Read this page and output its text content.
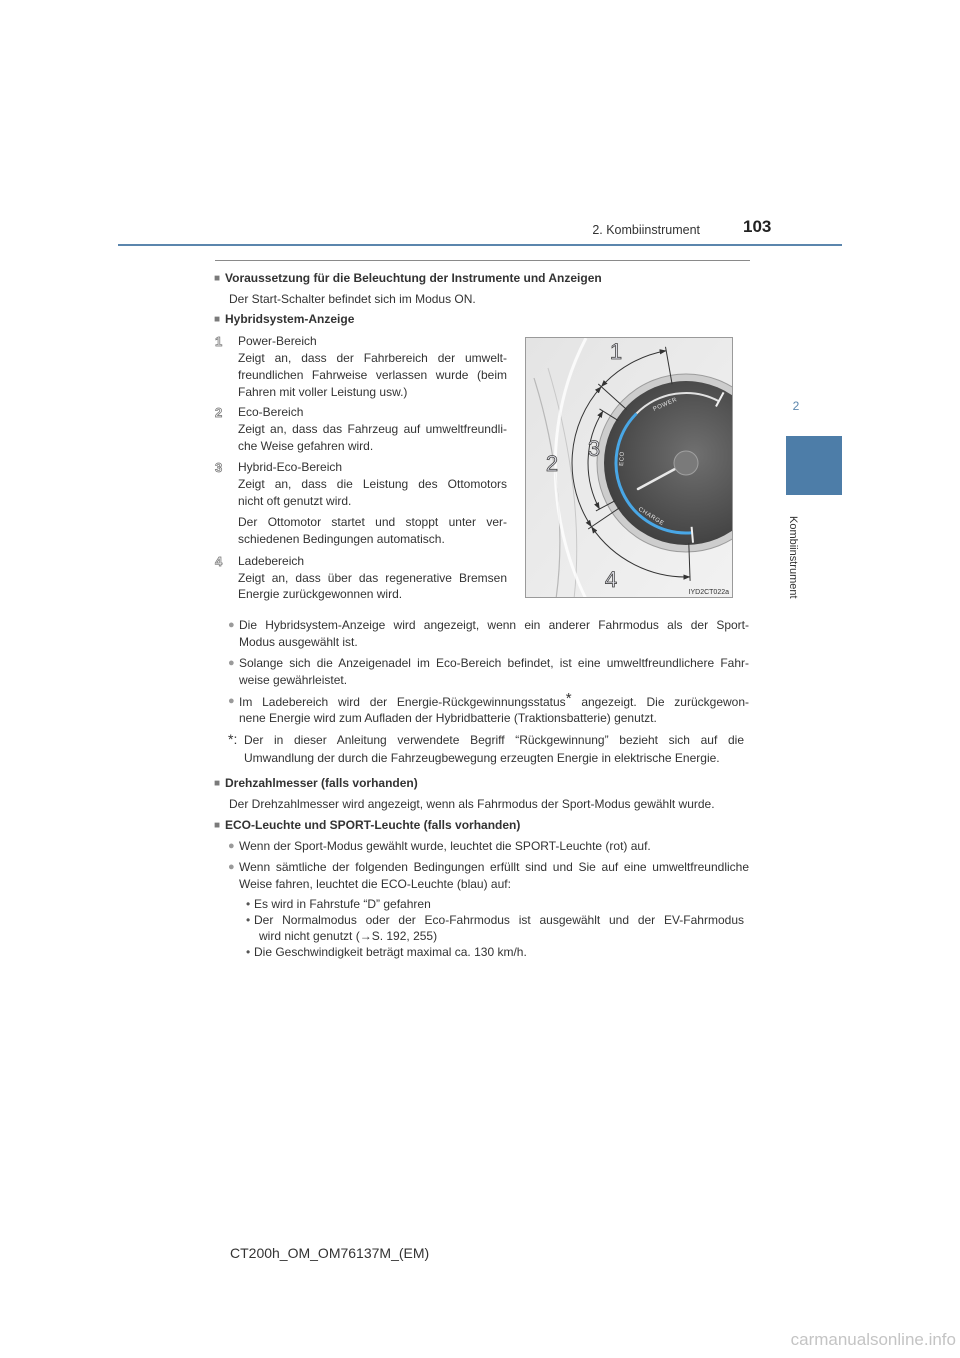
2. Kombiinstrument	103
2
Kombiinstrument
■ Voraussetzung für die Beleuchtung der Instrumente und Anzeigen
Der Start-Schalter befindet sich im Modus ON.
■ Hybridsystem-Anzeige
1 Power-Bereich
Zeigt an, dass der Fahrbereich der umwelt-
freundlichen Fahrweise verlassen wurde (beim
Fahren mit voller Leistung usw.)
2 Eco-Bereich
Zeigt an, dass das Fahrzeug auf umweltfreundli-
che Weise gefahren wird.
3 Hybrid-Eco-Bereich
Zeigt an, dass die Leistung des Ottomotors
nicht oft genutzt wird.
Der Ottomotor startet und stoppt unter ver-
schiedenen Bedingungen automatisch.
4 Ladebereich
Zeigt an, dass über das regenerative Bremsen
Energie zurückgewonnen wird.
POWER
ECO
CHARGE
1
2
3
4
IYD2CT022a
● Die Hybridsystem-Anzeige wird angezeigt, wenn ein anderer Fahrmodus als der Sport-
Modus ausgewählt ist.
● Solange sich die Anzeigenadel im Eco-Bereich befindet, ist eine umweltfreundlichere Fahr-
weise gewährleistet.
● Im Ladebereich wird der Energie-Rückgewinnungsstatus* angezeigt. Die zurückgewon-
nene Energie wird zum Aufladen der Hybridbatterie (Traktionsbatterie) genutzt.
*: Der in dieser Anleitung verwendete Begriff “Rückgewinnung” bezieht sich auf die
Umwandlung der durch die Fahrzeugbewegung erzeugten Energie in elektrische Energie.
■ Drehzahlmesser (falls vorhanden)
Der Drehzahlmesser wird angezeigt, wenn als Fahrmodus der Sport-Modus gewählt wurde.
■ ECO-Leuchte und SPORT-Leuchte (falls vorhanden)
● Wenn der Sport-Modus gewählt wurde, leuchtet die SPORT-Leuchte (rot) auf.
● Wenn sämtliche der folgenden Bedingungen erfüllt sind und Sie auf eine umweltfreundliche
Weise fahren, leuchtet die ECO-Leuchte (blau) auf:
• Es wird in Fahrstufe “D” gefahren
• Der Normalmodus oder der Eco-Fahrmodus ist ausgewählt und der EV-Fahrmodus
wird nicht genutzt (→S. 192, 255)
• Die Geschwindigkeit beträgt maximal ca. 130 km/h.
CT200h_OM_OM76137M_(EM)
carmanualsonline.info
